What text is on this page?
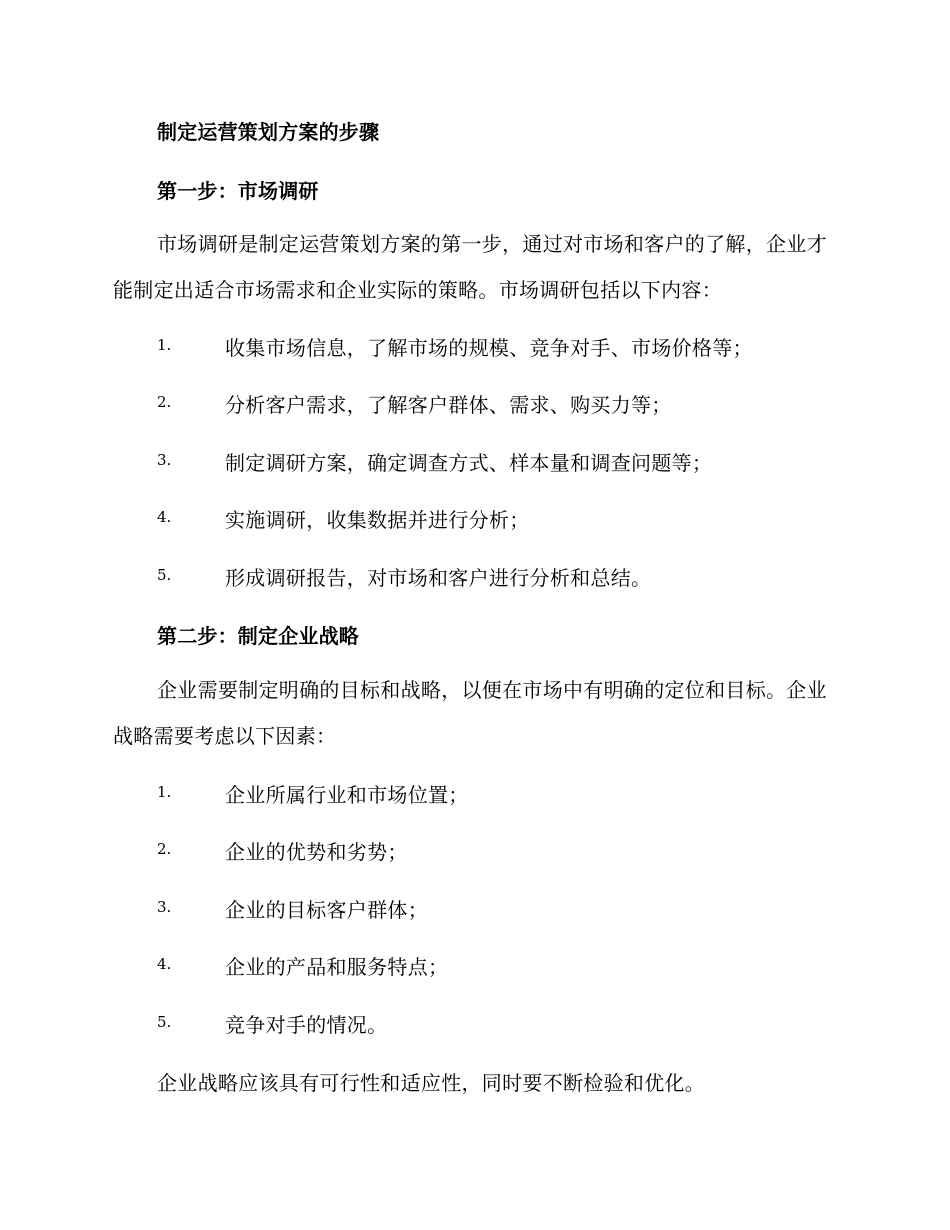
制定运营策划方案的步骤
第一步：市场调研

市场调研是制定运营策划方案的第一步，通过对市场和客户的了解，企业才能制定出适合市场需求和企业实际的策略。市场调研包括以下内容：

1.	收集市场信息，了解市场的规模、竞争对手、市场价格等；
2.	分析客户需求，了解客户群体、需求、购买力等；
3.	制定调研方案，确定调查方式、样本量和调查问题等；
4.	实施调研，收集数据并进行分析；
5.	形成调研报告，对市场和客户进行分析和总结。
第二步：制定企业战略

企业需要制定明确的目标和战略，以便在市场中有明确的定位和目标。企业战略需要考虑以下因素：

1.	企业所属行业和市场位置；
2.	企业的优势和劣势；
3.	企业的目标客户群体；
4.	企业的产品和服务特点；
5.	竞争对手的情况。
企业战略应该具有可行性和适应性，同时要不断检验和优化。
